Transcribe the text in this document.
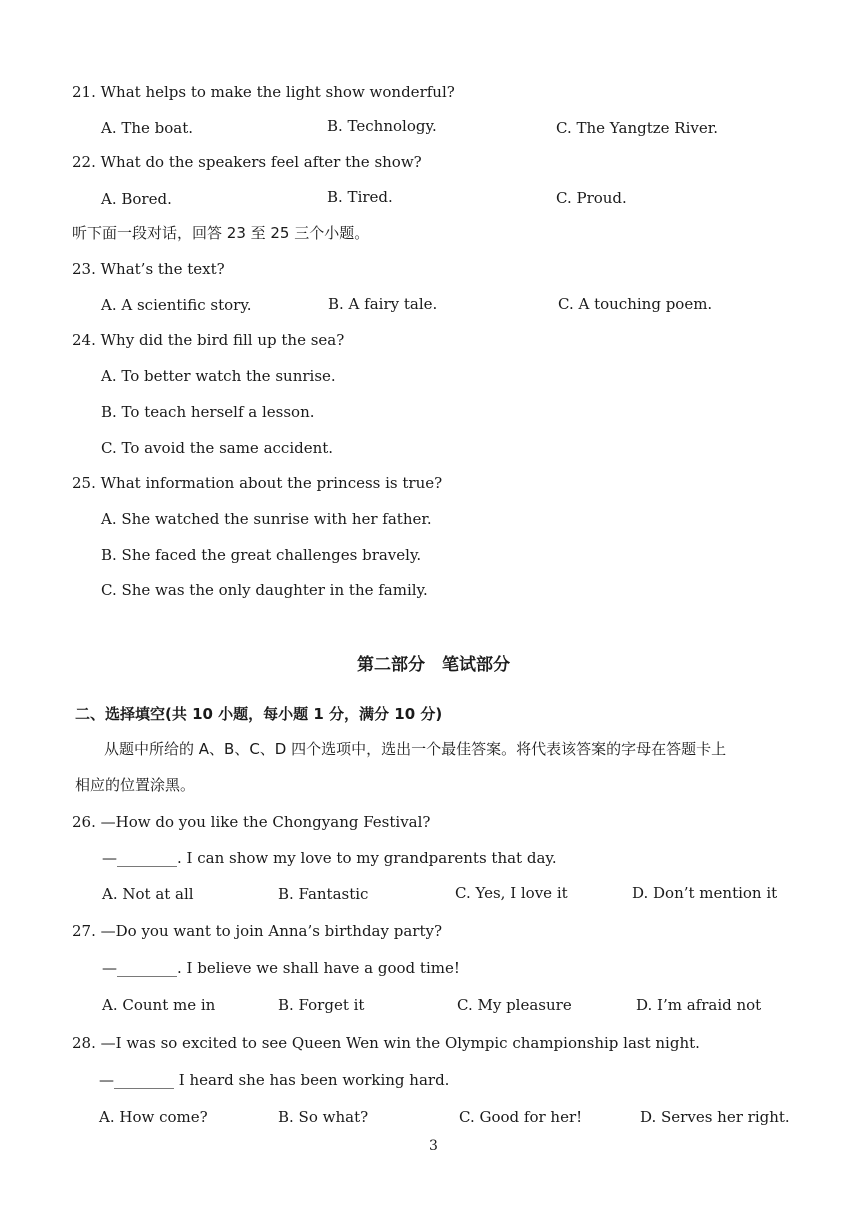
21. What helps to make the light show wonderful?
A. The boat.	B. Technology.	C. The Yangtze River.
22. What do the speakers feel after the show?
A. Bored.	B. Tired.	C. Proud.
听下面一段对话，回答 23 至 25 三个小题。
23. What’s the text?
A. A scientific story.	B. A fairy tale.	C. A touching poem.
24. Why did the bird fill up the sea?
A. To better watch the sunrise.
B. To teach herself a lesson.
C. To avoid the same accident.
25. What information about the princess is true?
A. She watched the sunrise with her father.
B. She faced the great challenges bravely.
C. She was the only daughter in the family.
第二部分　笔试部分
二、选择填空(共 10 小题，每小题 1 分，满分 10 分)
从题中所给的 A、B、C、D 四个选项中，选出一个最佳答案。将代表该答案的字母在答题卡上
相应的位置涂黑。
26. —How do you like the Chongyang Festival?
—________. I can show my love to my grandparents that day.
A. Not at all	B. Fantastic	C. Yes, I love it	D. Don’t mention it
27. —Do you want to join Anna’s birthday party?
—________. I believe we shall have a good time!
A. Count me in	B. Forget it	C. My pleasure	D. I’m afraid not
28. —I was so excited to see Queen Wen win the Olympic championship last night.
—________ I heard she has been working hard.
A. How come?	B. So what?	C. Good for her!	D. Serves her right.
3
